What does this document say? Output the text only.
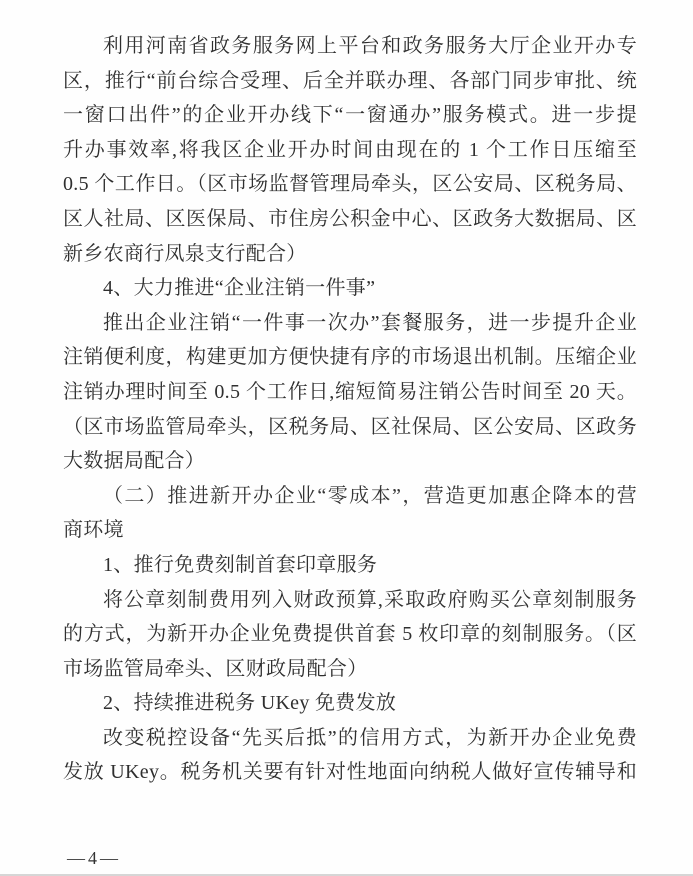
利用河南省政务服务网上平台和政务服务大厅企业开办专
区，推行“前台综合受理、后全并联办理、各部门同步审批、统
一窗口出件”的企业开办线下“一窗通办”服务模式。进一步提
升办事效率,将我区企业开办时间由现在的 1 个工作日压缩至
0.5 个工作日。（区市场监督管理局牵头，区公安局、区税务局、
区人社局、区医保局、市住房公积金中心、区政务大数据局、区
新乡农商行凤泉支行配合）
4、大力推进“企业注销一件事”
推出企业注销“一件事一次办”套餐服务，进一步提升企业
注销便利度，构建更加方便快捷有序的市场退出机制。压缩企业
注销办理时间至 0.5 个工作日,缩短简易注销公告时间至 20 天。
（区市场监管局牵头，区税务局、区社保局、区公安局、区政务
大数据局配合）
（二）推进新开办企业“零成本”，营造更加惠企降本的营
商环境
1、推行免费刻制首套印章服务
将公章刻制费用列入财政预算,采取政府购买公章刻制服务
的方式，为新开办企业免费提供首套 5 枚印章的刻制服务。（区
市场监管局牵头、区财政局配合）
2、持续推进税务 UKey 免费发放
改变税控设备“先买后抵”的信用方式，为新开办企业免费
发放 UKey。税务机关要有针对性地面向纳税人做好宣传辅导和
—4—
